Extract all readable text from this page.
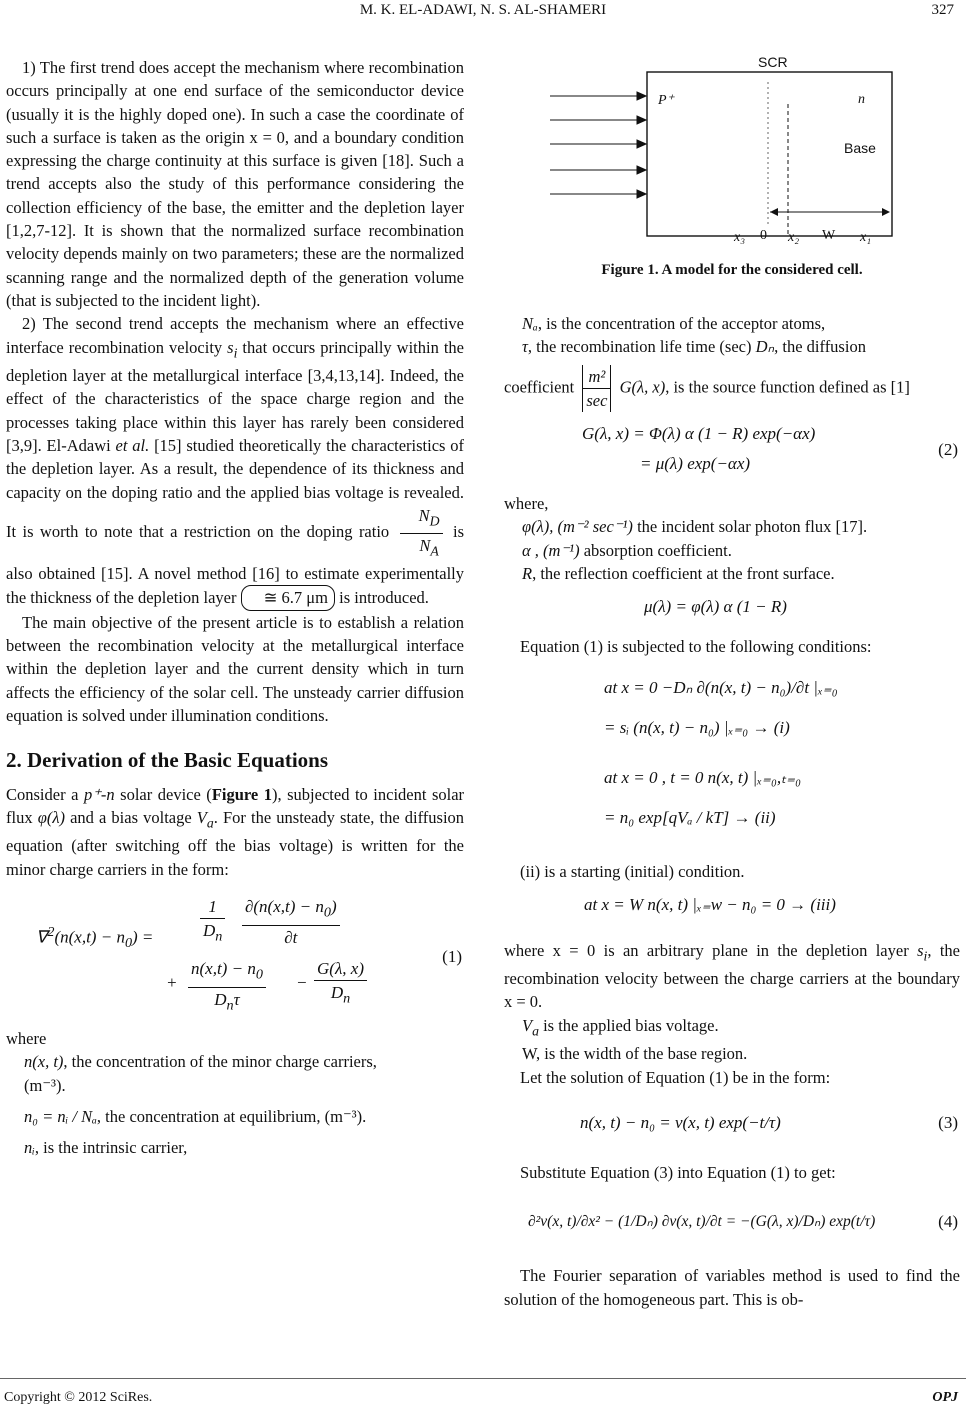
M. K. EL-ADAWI, N. S. AL-SHAMERI	327

1) The first trend does accept the mechanism where recombination occurs principally at one end surface of the semiconductor device (usually it is the highly doped one). In such a case the coordinate of such a surface is taken as the origin x = 0, and a boundary condition expressing the charge continuity at this surface is given [18]. Such a trend accepts also the study of this performance considering the collection efficiency of the base, the emitter and the depletion layer [1,2,7-12]. It is shown that the normalized surface recombination velocity depends mainly on two parameters; these are the normalized scanning range and the normalized depth of the generation volume (that is subjected to the incident light).

2) The second trend accepts the mechanism where an effective interface recombination velocity $s_i$ that occurs principally within the depletion layer at the metallurgical interface [3,4,13,14]. Indeed, the effect of the characteristics of the space charge region and the processes taking place within this layer has rarely been considered [3,9]. El-Adawi et al. [15] studied theoretically the characteristics of the depletion layer. As a result, the dependence of its thickness and capacity on the doping ratio and the applied bias voltage is revealed. It is worth to note that a restriction on the doping ratio $\frac{N_D}{N_A}$ is also obtained [15]. A novel method [16] to estimate experimentally the thickness of the depletion layer ≅ 6.7 μm is introduced.

The main objective of the present article is to establish a relation between the recombination velocity at the metallurgical interface within the depletion layer and the current density which in turn affects the efficiency of the solar cell. The unsteady carrier diffusion equation is solved under illumination conditions.

2. Derivation of the Basic Equations

Consider a p⁺-n solar device (Figure 1), subjected to incident solar flux φ(λ) and a bias voltage $V_a$. For the unsteady state, the diffusion equation (after switching off the bias voltage) is written for the minor charge carriers in the form:

$\nabla^2(n(x,t) - n_0)$ =	$\frac{1}{D_n} \frac{\partial(n(x,t) - n_0)}{\partial t}$
+
$n(x,t) - n_0$
$D_n\tau$
− $\frac{G(\lambda, x)}{D_n}$
(1)

where

n(x, t), the concentration of the minor charge carriers,
(m⁻³).

n₀ = nᵢ / Nₐ, the concentration at equilibrium, (m⁻³).

nᵢ, is the intrinsic carrier,

SCR
P⁺	n
Base
x₃ 0 x₂ W x₁
Figure 1. A model for the considered cell.

Nₐ, is the concentration of the acceptor atoms,

τ, the recombination life time (sec) Dₙ, the diffusion

coefficient $\frac{\text{m²}}{\sec} G(\lambda$, x), is the source function defined as [1]

G(λ, x) = Φ(λ) α (1 − R) exp(−αx)
= μ(λ) exp(−αx)
(2)

where,

φ(λ), (m⁻² sec⁻¹) the incident solar photon flux [17].

α , (m⁻¹) absorption coefficient.

R, the reflection coefficient at the front surface.

μ(λ) = φ(λ) α (1 − R)

Equation (1) is subjected to the following conditions:

at x = 0 −Dₙ ∂(n(x, t) − n₀)/∂t |ₓ₌₀
= sᵢ (n(x, t) − n₀) |ₓ₌₀ → (i)
at x = 0 , t = 0 n(x, t) |ₓ₌₀,ₜ₌₀
= n₀ exp[qVₐ / kT] → (ii)

(ii) is a starting (initial) condition.

at x = W n(x, t) |ₓ₌w − n₀ = 0 → (iii)

where x = 0 is an arbitrary plane in the depletion layer $s_i$, the recombination velocity between the charge carriers at the boundary x = 0.

$V_a$ is the applied bias voltage.

W, is the width of the base region.

Let the solution of Equation (1) be in the form:

n(x, t) − n₀ = v(x, t) exp(−t/τ)	(3)

Substitute Equation (3) into Equation (1) to get:

∂²v(x, t)/∂x² − (1/Dₙ) ∂v(x, t)/∂t = −(G(λ, x)/Dₙ) exp(t/τ)	(4)

The Fourier separation of variables method is used to find the solution of the homogeneous part. This is ob-

Copyright © 2012 SciRes.	OPJ
